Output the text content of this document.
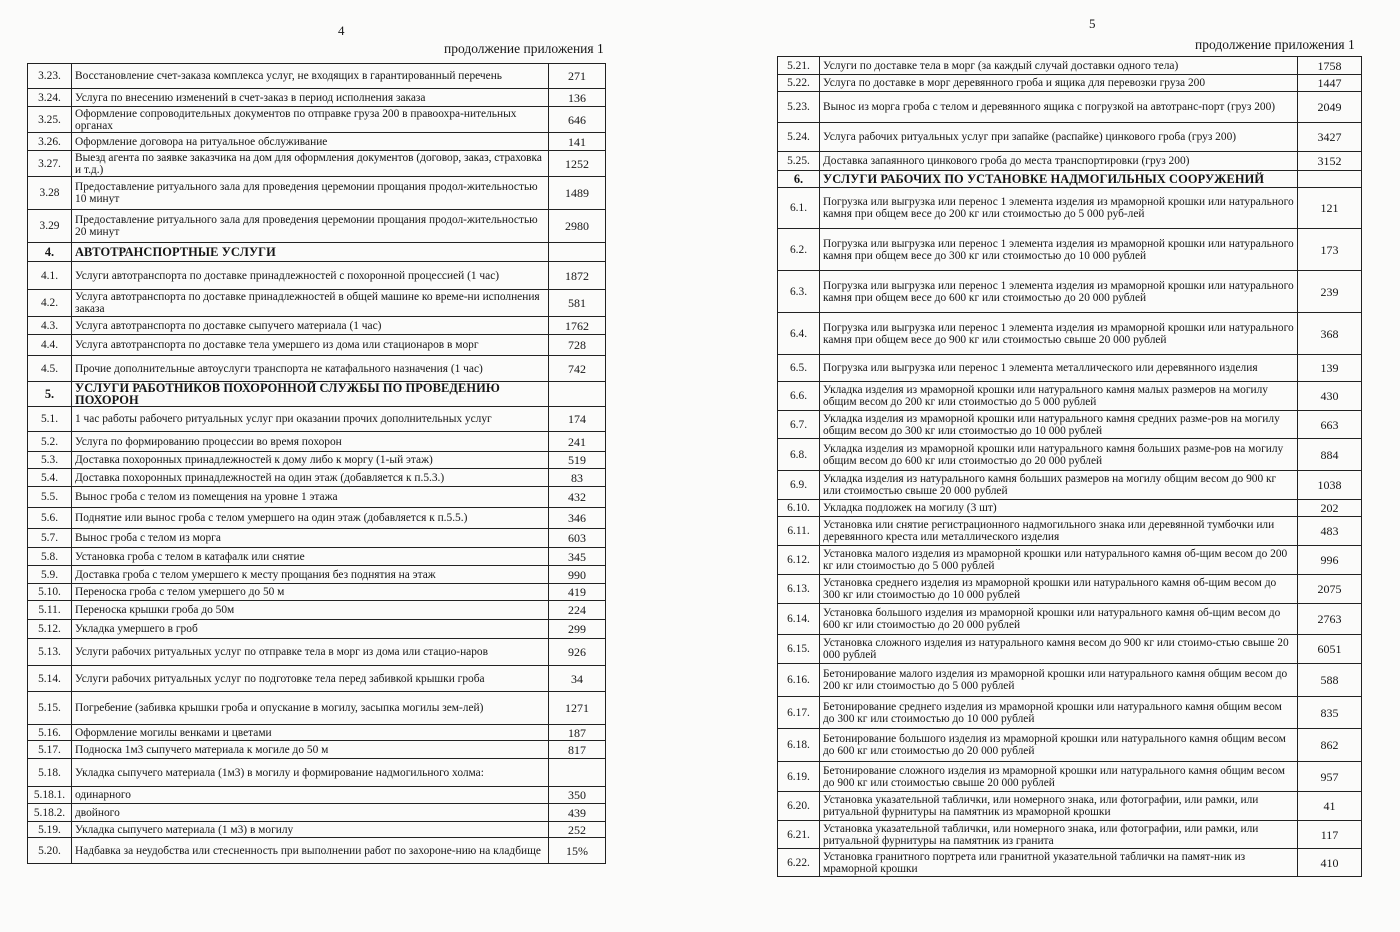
4
продолжение приложения 1
3.23.	Восстановление счет-заказа комплекса услуг, не входящих в гарантированный перечень	271
3.24.	Услуга по внесению изменений в счет-заказ в период исполнения заказа	136
3.25.	Оформление сопроводительных документов по отправке груза 200 в правоохра-нительных органах	646
3.26.	Оформление договора на ритуальное обслуживание	141
3.27.	Выезд агента по заявке заказчика на дом для оформления документов (договор, заказ, страховка и т.д.)	1252
3.28	Предоставление ритуального зала для проведения церемонии прощания продол-жительностью 10 минут	1489
3.29	Предоставление ритуального зала для проведения церемонии прощания продол-жительностью 20 минут	2980
4.	АВТОТРАНСПОРТНЫЕ УСЛУГИ	
4.1.	Услуги автотранспорта по доставке принадлежностей с похоронной процессией (1 час)	1872
4.2.	Услуга автотранспорта по доставке принадлежностей в общей машине ко време-ни исполнения заказа	581
4.3.	Услуга автотранспорта по доставке сыпучего материала (1 час)	1762
4.4.	Услуга автотранспорта по доставке тела умершего из дома или стационаров в морг	728
4.5.	Прочие дополнительные автоуслуги транспорта не катафального назначения (1 час)	742
5.	УСЛУГИ РАБОТНИКОВ ПОХОРОННОЙ СЛУЖБЫ ПО ПРОВЕДЕНИЮ ПОХОРОН	
5.1.	1 час работы рабочего ритуальных услуг при оказании прочих дополнительных услуг	174
5.2.	Услуга по формированию процессии во время похорон	241
5.3.	Доставка похоронных принадлежностей к дому либо к моргу (1-ый этаж)	519
5.4.	Доставка похоронных принадлежностей на один этаж (добавляется к п.5.3.)	83
5.5.	Вынос гроба с телом из помещения на уровне 1 этажа	432
5.6.	Поднятие или вынос гроба с телом умершего на один этаж (добавляется к п.5.5.)	346
5.7.	Вынос гроба с телом из морга	603
5.8.	Установка гроба с телом в катафалк или снятие	345
5.9.	Доставка гроба с телом умершего к месту прощания без поднятия на этаж	990
5.10.	Переноска гроба с телом умершего до 50 м	419
5.11.	Переноска крышки гроба до 50м	224
5.12.	Укладка умершего в гроб	299
5.13.	Услуги рабочих ритуальных услуг по отправке тела в морг из дома или стацио-наров	926
5.14.	Услуги рабочих ритуальных услуг по подготовке тела перед забивкой крышки гроба	34
5.15.	Погребение (забивка крышки гроба и опускание в могилу, засыпка могилы зем-лей)	1271
5.16.	Оформление могилы венками и цветами	187
5.17.	Подноска 1м3 сыпучего материала к могиле до 50 м	817
5.18.	Укладка сыпучего материала (1м3) в могилу и формирование надмогильного холма:	
5.18.1.	одинарного	350
5.18.2.	двойного	439
5.19.	Укладка сыпучего материала (1 м3) в могилу	252
5.20.	Надбавка за неудобства или стесненность при выполнении работ по захороне-нию на кладбище	15%
5
продолжение приложения 1
5.21.	Услуги по доставке тела в морг (за каждый случай доставки одного тела)	1758
5.22.	Услуга по доставке в морг деревянного гроба и ящика для перевозки груза 200	1447
5.23.	Вынос из морга гроба с телом и деревянного ящика с погрузкой на автотранс-порт (груз 200)	2049
5.24.	Услуга рабочих ритуальных услуг при запайке (распайке) цинкового гроба (груз 200)	3427
5.25.	Доставка запаянного цинкового гроба до места транспортировки (груз 200)	3152
6.	УСЛУГИ РАБОЧИХ ПО УСТАНОВКЕ НАДМОГИЛЬНЫХ СООРУЖЕНИЙ	
6.1.	Погрузка или выгрузка или перенос 1 элемента изделия из мраморной крошки или натурального камня при общем весе до 200 кг или стоимостью до 5 000 руб-лей	121
6.2.	Погрузка или выгрузка или перенос 1 элемента изделия из мраморной крошки или натурального камня при общем весе до 300 кг или стоимостью до 10 000 рублей	173
6.3.	Погрузка или выгрузка или перенос 1 элемента изделия из мраморной крошки или натурального камня при общем весе до 600 кг или стоимостью до 20 000 рублей	239
6.4.	Погрузка или выгрузка или перенос 1 элемента изделия из мраморной крошки или натурального камня при общем весе до 900 кг или стоимостью свыше 20 000 рублей	368
6.5.	Погрузка или выгрузка или перенос 1 элемента металлического или деревянного изделия	139
6.6.	Укладка изделия из мраморной крошки или натурального камня малых размеров на могилу общим весом до 200 кг или стоимостью до 5 000 рублей	430
6.7.	Укладка изделия из мраморной крошки или натурального камня средних разме-ров на могилу общим весом до 300 кг или стоимостью до 10 000 рублей	663
6.8.	Укладка изделия из мраморной крошки или натурального камня больших разме-ров на могилу общим весом до 600 кг или стоимостью до 20 000 рублей	884
6.9.	Укладка изделия из натурального камня больших размеров на могилу общим весом до 900 кг или стоимостью свыше 20 000 рублей	1038
6.10.	Укладка подложек на могилу (3 шт)	202
6.11.	Установка или снятие регистрационного надмогильного знака или деревянной тумбочки или деревянного креста или металлического изделия	483
6.12.	Установка малого изделия из мраморной крошки или натурального камня об-щим весом до 200 кг или стоимостью до 5 000 рублей	996
6.13.	Установка среднего изделия из мраморной крошки или натурального камня об-щим весом до 300 кг или стоимостью до 10 000 рублей	2075
6.14.	Установка большого изделия из мраморной крошки или натурального камня об-щим весом до 600 кг или стоимостью до 20 000 рублей	2763
6.15.	Установка сложного изделия из натурального камня весом до 900 кг или стоимо-стью свыше 20 000 рублей	6051
6.16.	Бетонирование малого изделия из мраморной крошки или натурального камня общим весом до 200 кг или стоимостью до 5 000 рублей	588
6.17.	Бетонирование среднего изделия из мраморной крошки или натурального камня общим весом до 300 кг или стоимостью до 10 000 рублей	835
6.18.	Бетонирование большого изделия из мраморной крошки или натурального камня общим весом до 600 кг или стоимостью до 20 000 рублей	862
6.19.	Бетонирование сложного изделия из мраморной крошки или натурального камня общим весом до 900 кг или стоимостью свыше 20 000 рублей	957
6.20.	Установка указательной таблички, или номерного знака, или фотографии, или рамки, или ритуальной фурнитуры на памятник из мраморной крошки	41
6.21.	Установка указательной таблички, или номерного знака, или фотографии, или рамки, или ритуальной фурнитуры на памятник из гранита	117
6.22.	Установка гранитного портрета или гранитной указательной таблички на памят-ник из мраморной крошки	410
